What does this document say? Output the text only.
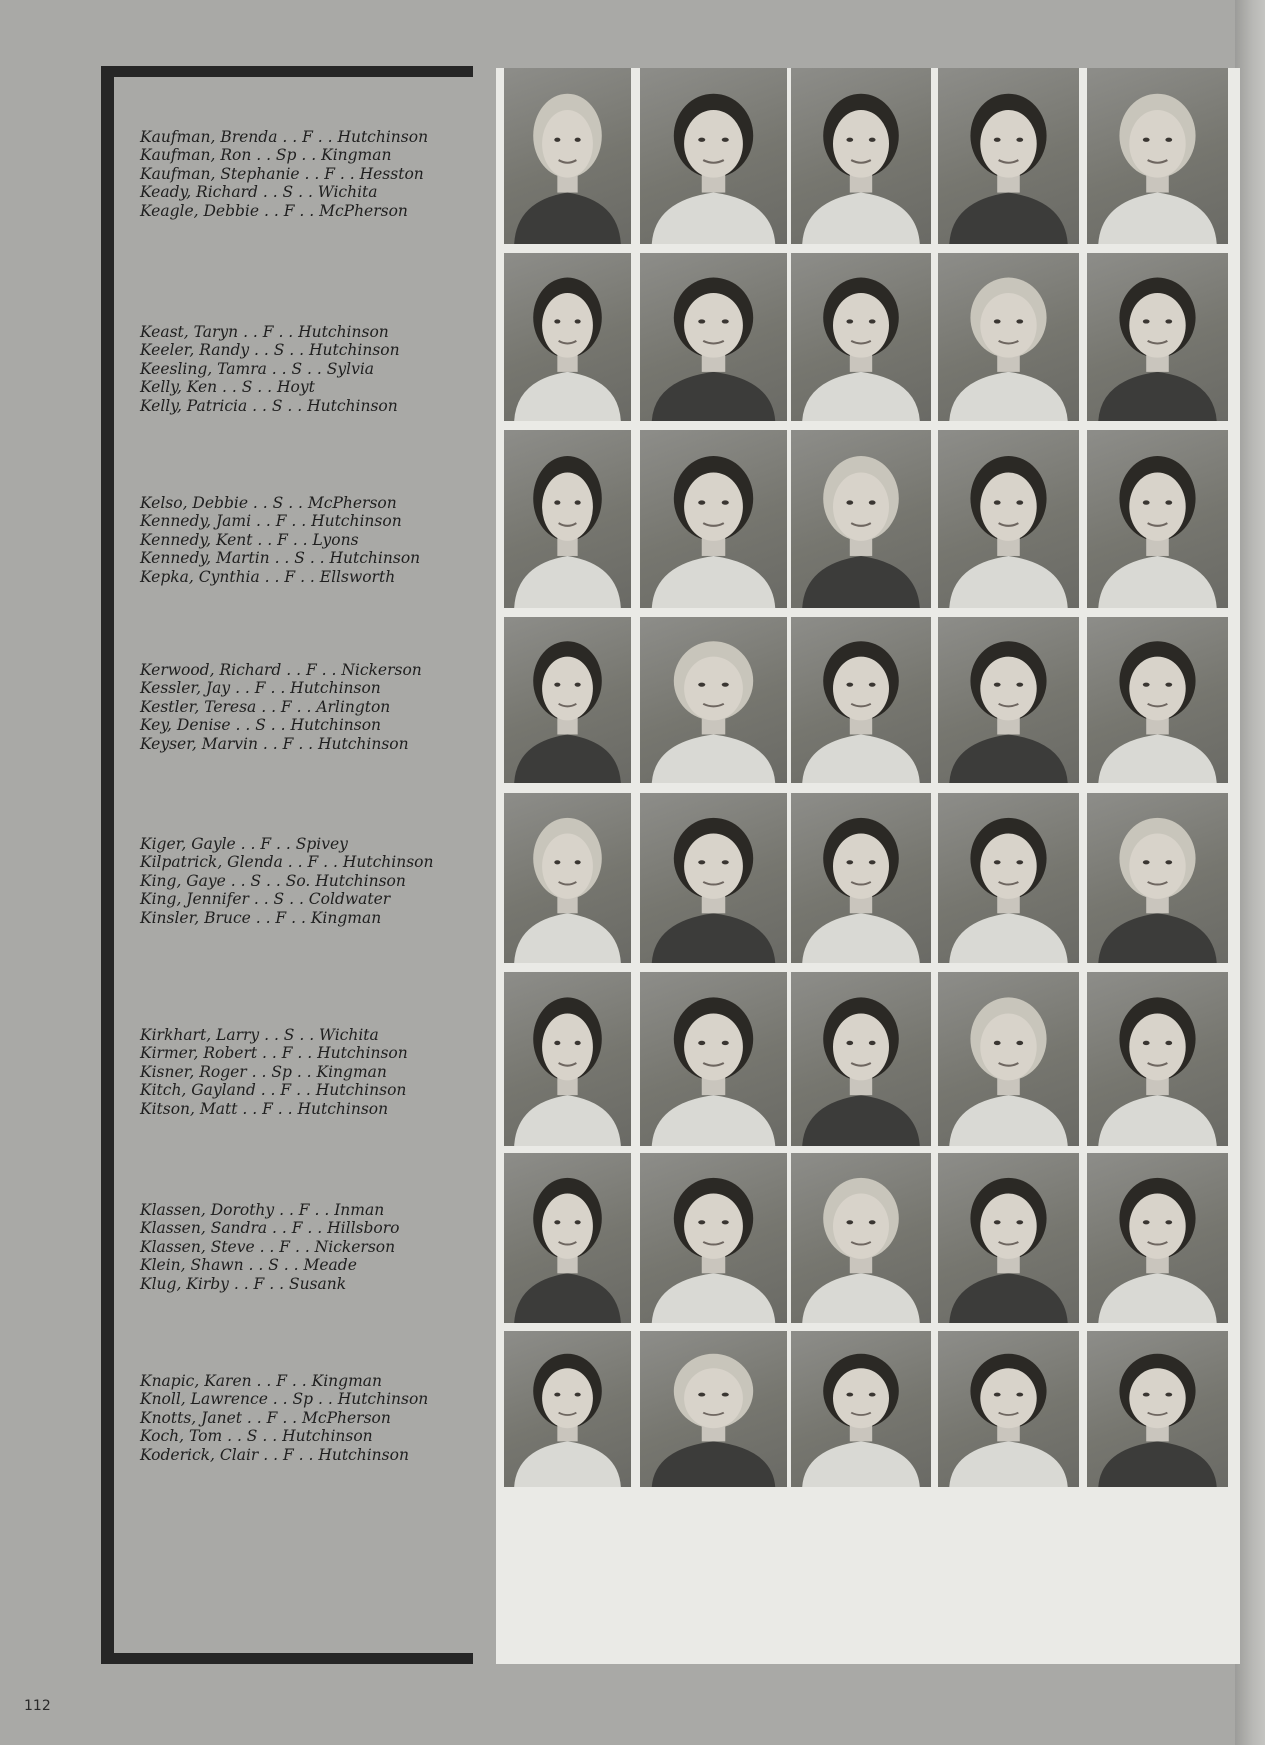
Kaufman, Brenda . . F . . Hutchinson
Kaufman, Ron . . Sp . . Kingman
Kaufman, Stephanie . . F . . Hesston
Keady, Richard . . S . . Wichita
Keagle, Debbie . . F . . McPherson
Keast, Taryn . . F . . Hutchinson
Keeler, Randy . . S . . Hutchinson
Keesling, Tamra . . S . . Sylvia
Kelly, Ken . . S . . Hoyt
Kelly, Patricia . . S . . Hutchinson
Kelso, Debbie . . S . . McPherson
Kennedy, Jami . . F . . Hutchinson
Kennedy, Kent . . F . . Lyons
Kennedy, Martin . . S . . Hutchinson
Kepka, Cynthia . . F . . Ellsworth
Kerwood, Richard . . F . . Nickerson
Kessler, Jay . . F . . Hutchinson
Kestler, Teresa . . F . . Arlington
Key, Denise . . S . . Hutchinson
Keyser, Marvin . . F . . Hutchinson
Kiger, Gayle . . F . . Spivey
Kilpatrick, Glenda . . F . . Hutchinson
King, Gaye . . S . . So. Hutchinson
King, Jennifer . . S . . Coldwater
Kinsler, Bruce . . F . . Kingman
Kirkhart, Larry . . S . . Wichita
Kirmer, Robert . . F . . Hutchinson
Kisner, Roger . . Sp . . Kingman
Kitch, Gayland . . F . . Hutchinson
Kitson, Matt . . F . . Hutchinson
Klassen, Dorothy . . F . . Inman
Klassen, Sandra . . F . . Hillsboro
Klassen, Steve . . F . . Nickerson
Klein, Shawn . . S . . Meade
Klug, Kirby . . F . . Susank
Knapic, Karen . . F . . Kingman
Knoll, Lawrence . . Sp . . Hutchinson
Knotts, Janet . . F . . McPherson
Koch, Tom . . S . . Hutchinson
Koderick, Clair . . F . . Hutchinson
112
